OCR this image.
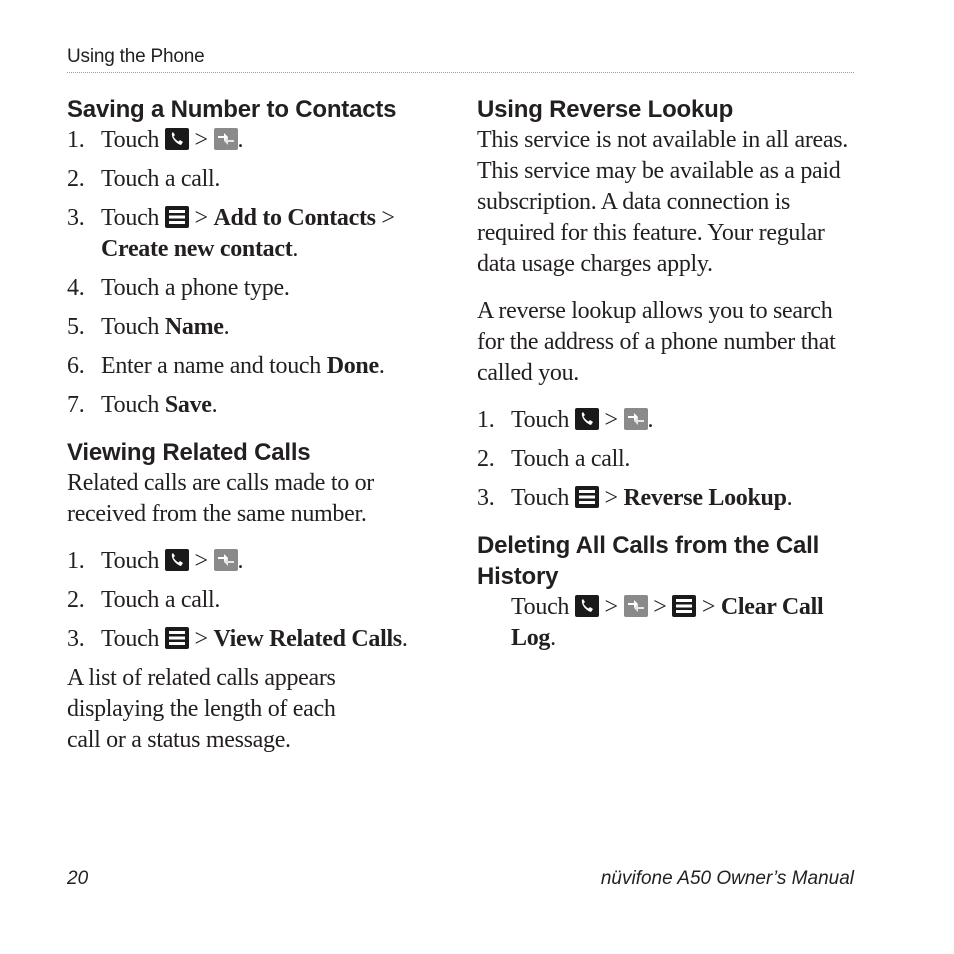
Using the Phone
Saving a Number to Contacts
1. Touch > .
2. Touch a call.
3. Touch > Add to Contacts > Create new contact.
4. Touch a phone type.
5. Touch Name.
6. Enter a name and touch Done.
7. Touch Save.
Viewing Related Calls

Related calls are calls made to or received from the same number.

1. Touch > .
2. Touch a call.
3. Touch > View Related Calls.

A list of related calls appears displaying the length of each call or a status message.

Using Reverse Lookup

This service is not available in all areas. This service may be available as a paid subscription. A data connection is required for this feature. Your regular data usage charges apply.

A reverse lookup allows you to search for the address of a phone number that called you.

1. Touch > .
2. Touch a call.
3. Touch > Reverse Lookup.
Deleting All Calls from the Call History
Touch > > > Clear Call Log.
20	nüvifone A50 Owner’s Manual
